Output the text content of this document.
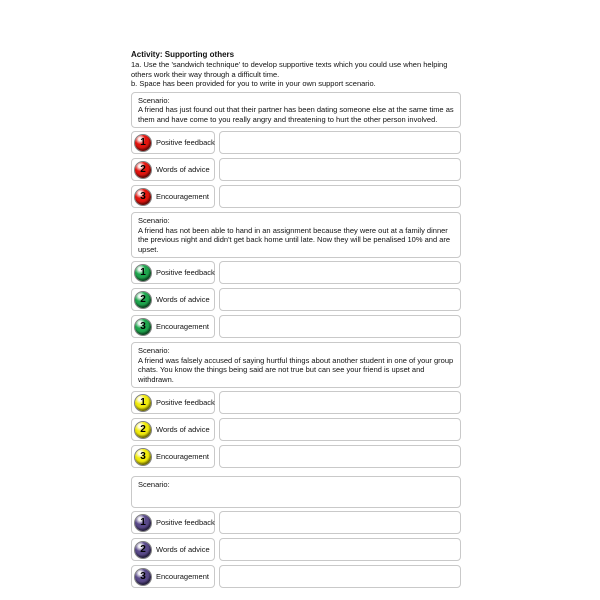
Activity: Supporting others
1a. Use the 'sandwich technique' to develop supportive texts which you could use when helping others work their way through a difficult time.
b. Space has been provided for you to write in your own support scenario.
Scenario:
A friend has just found out that their partner has been dating someone else at the same time as them and have come to you really angry and threatening to hurt the other person involved.
1 Positive feedback
2 Words of advice
3 Encouragement
Scenario:
A friend has not been able to hand in an assignment because they were out at a family dinner the previous night and didn't get back home until late. Now they will be penalised 10% and are upset.
1 Positive feedback
2 Words of advice
3 Encouragement
Scenario:
A friend was falsely accused of saying hurtful things about another student in one of your group chats. You know the things being said are not true but can see your friend is upset and withdrawn.
1 Positive feedback
2 Words of advice
3 Encouragement
Scenario:
1 Positive feedback
2 Words of advice
3 Encouragement
